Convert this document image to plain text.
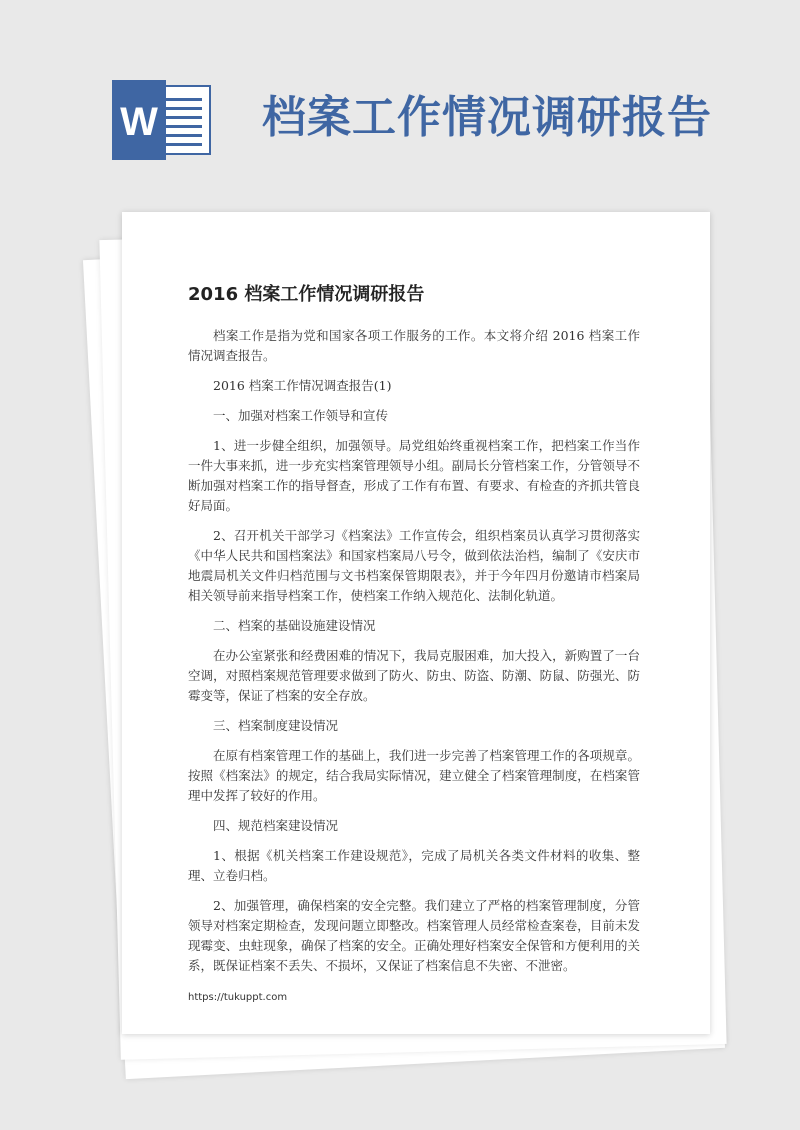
W 档案工作情况调研报告
2016 档案工作情况调研报告
档案工作是指为党和国家各项工作服务的工作。本文将介绍 2016 档案工作情况调查报告。
2016 档案工作情况调查报告(1)
一、加强对档案工作领导和宣传
1、进一步健全组织，加强领导。局党组始终重视档案工作，把档案工作当作一件大事来抓，进一步充实档案管理领导小组。副局长分管档案工作，分管领导不断加强对档案工作的指导督查，形成了工作有布置、有要求、有检查的齐抓共管良好局面。
2、召开机关干部学习《档案法》工作宣传会，组织档案员认真学习贯彻落实《中华人民共和国档案法》和国家档案局八号令，做到依法治档，编制了《安庆市地震局机关文件归档范围与文书档案保管期限表》，并于今年四月份邀请市档案局相关领导前来指导档案工作，使档案工作纳入规范化、法制化轨道。
二、档案的基础设施建设情况
在办公室紧张和经费困难的情况下，我局克服困难，加大投入，新购置了一台空调，对照档案规范管理要求做到了防火、防虫、防盗、防潮、防鼠、防强光、防霉变等，保证了档案的安全存放。
三、档案制度建设情况
在原有档案管理工作的基础上，我们进一步完善了档案管理工作的各项规章。按照《档案法》的规定，结合我局实际情况，建立健全了档案管理制度，在档案管理中发挥了较好的作用。
四、规范档案建设情况
1、根据《机关档案工作建设规范》，完成了局机关各类文件材料的收集、整理、立卷归档。
2、加强管理，确保档案的安全完整。我们建立了严格的档案管理制度，分管领导对档案定期检查，发现问题立即整改。档案管理人员经常检查案卷，目前未发现霉变、虫蛀现象，确保了档案的安全。正确处理好档案安全保管和方便利用的关系，既保证档案不丢失、不损坏，又保证了档案信息不失密、不泄密。
https://tukuppt.com
